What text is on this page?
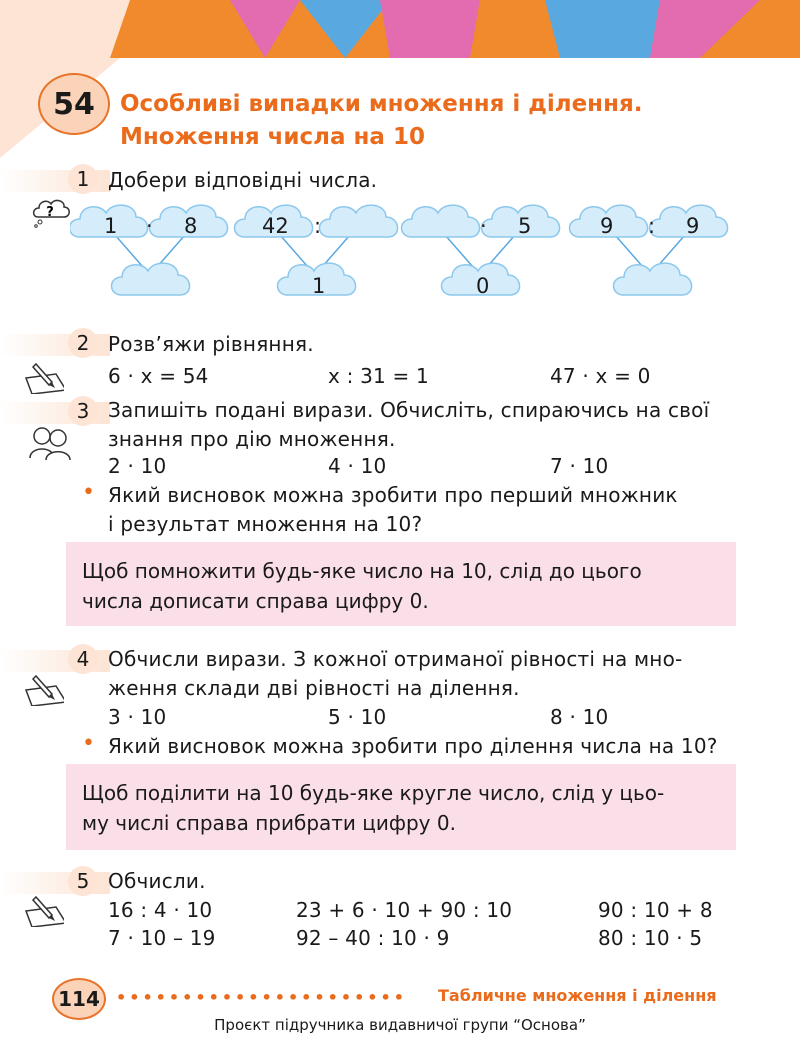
54 Особливі випадки множення і ділення.
Множення числа на 10
1 Добери відповідні числа.
?
1 · 8	42 :
1
· 5
0
9 : 9
2 Розв’яжи рівняння.
6 · x = 54	x : 31 = 1	47 · x = 0
3 Запишіть подані вирази. Обчисліть, спираючись на свої
знання про дію множення.
2 · 10	4 · 10	7 · 10
• Який висновок можна зробити про перший множник
і результат множення на 10?
Щоб помножити будь-яке число на 10, слід до цього
числа дописати справа цифру 0.
4 Обчисли вирази. З кожної отриманої рівності на мно-
ження склади дві рівності на ділення.
3 · 10	5 · 10	8 · 10
• Який висновок можна зробити про ділення числа на 10?
Щоб поділити на 10 будь-яке кругле число, слід у цьо-
му числі справа прибрати цифру 0.
5 Обчисли.
16 : 4 · 10	23 + 6 · 10 + 90 : 10	90 : 10 + 8
7 · 10 – 19	92 – 40 : 10 · 9	80 : 10 · 5
114 •••••••••••••••••••••• Табличне множення і ділення
Проєкт підручника видавничої групи “Основа”
